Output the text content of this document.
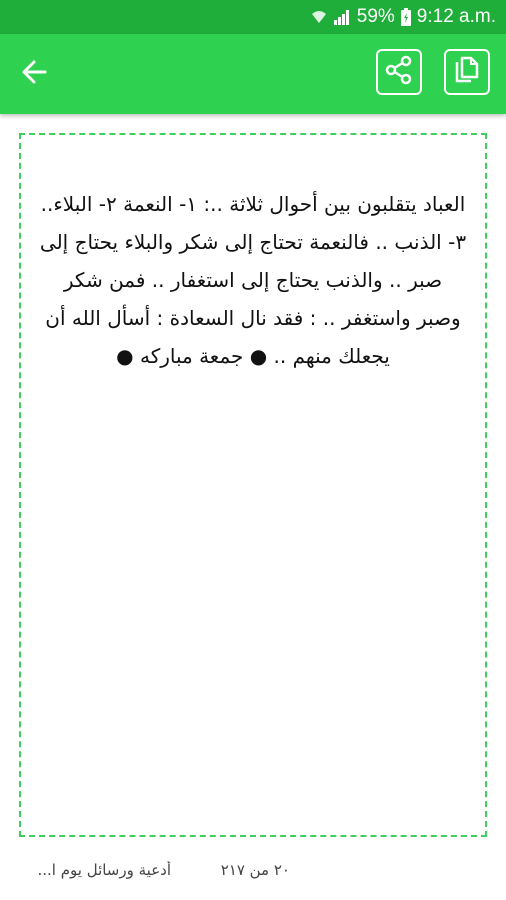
59% 9:12 a.m.
العباد يتقلبون بين أحوال ثلاثة ..: ١- النعمة ٢- البلاء.. ٣- الذنب .. فالنعمة تحتاج إلى شكر والبلاء يحتاج إلى صبر .. والذنب يحتاج إلى استغفار .. فمن شكر وصبر واستغفر .. : فقد نال السعادة : أسأل الله أن يجعلك منهم .. ● جمعة مباركه ●
٢٠ من ٢١٧
أدعية ورسائل يوم ا...
